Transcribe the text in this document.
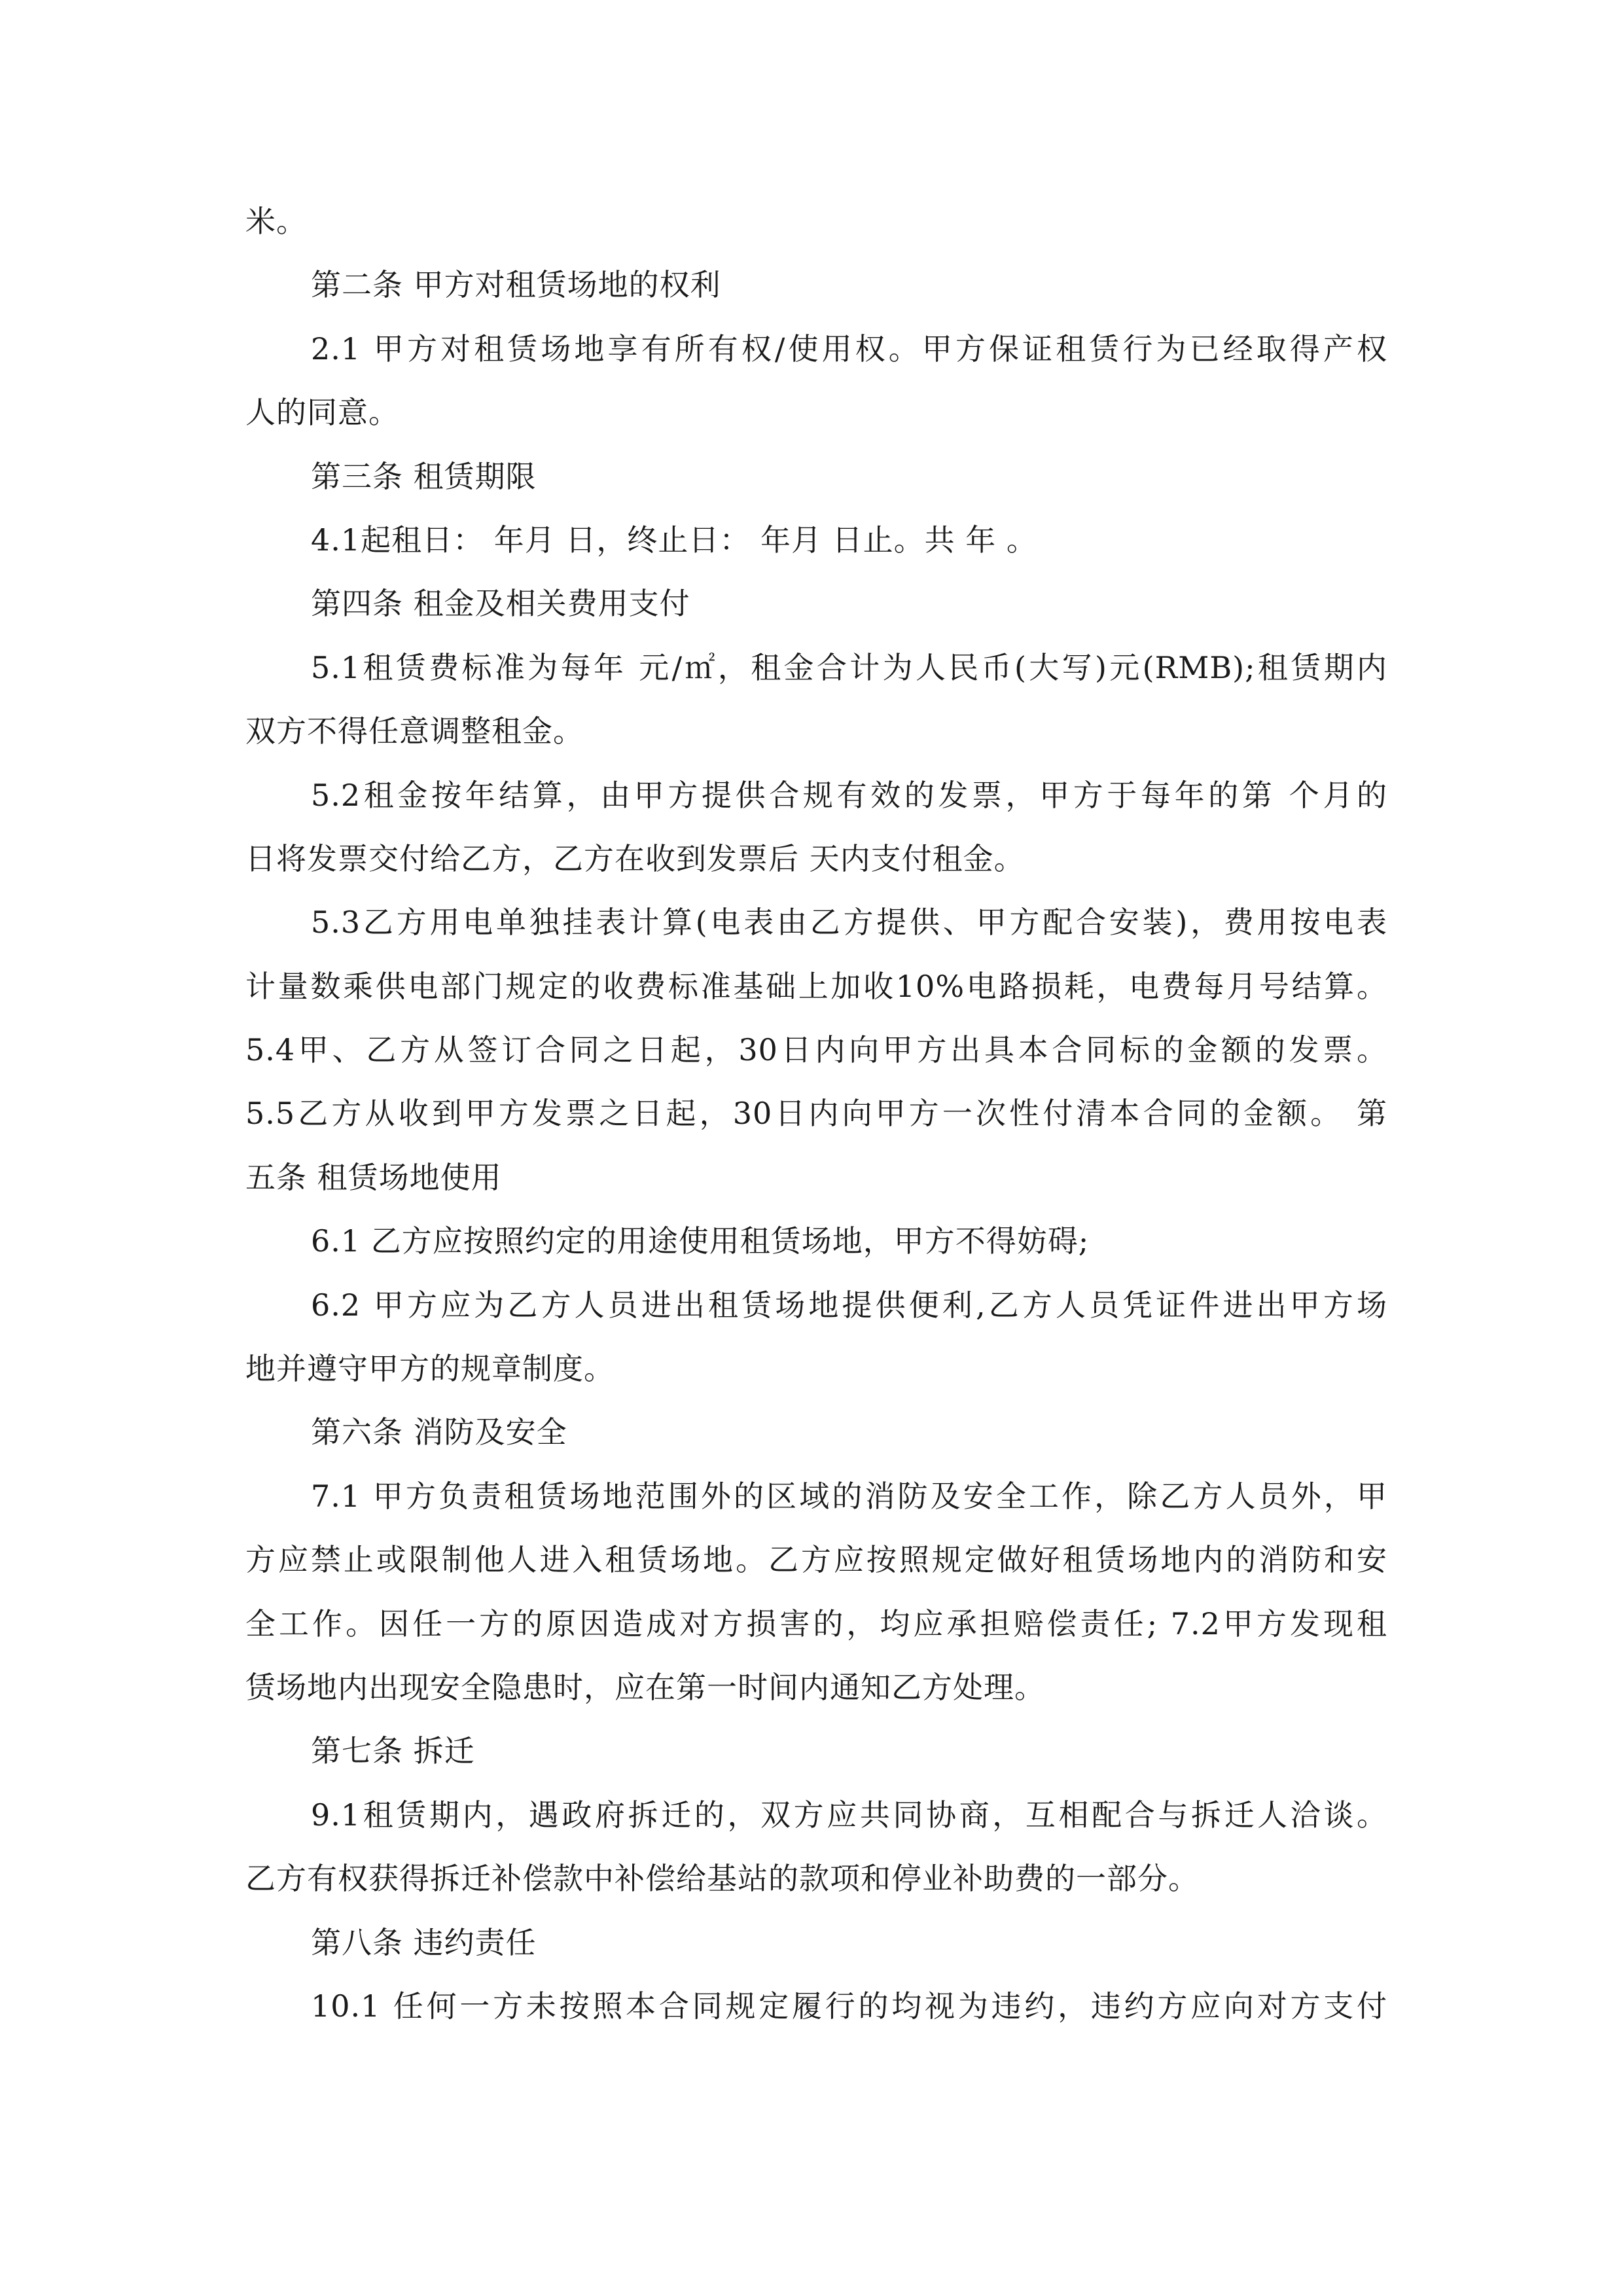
米。
第二条 甲方对租赁场地的权利
2.1 甲方对租赁场地享有所有权/使用权。甲方保证租赁行为已经取得产权
人的同意。
第三条 租赁期限
4.1起租日： 年月 日，终止日： 年月 日止。共 年 。
第四条 租金及相关费用支付
5.1租赁费标准为每年 元/㎡，租金合计为人民币(大写)元(RMB);租赁期内
双方不得任意调整租金。
5.2租金按年结算，由甲方提供合规有效的发票，甲方于每年的第 个月的
日将发票交付给乙方，乙方在收到发票后 天内支付租金。
5.3乙方用电单独挂表计算(电表由乙方提供、甲方配合安装)，费用按电表
计量数乘供电部门规定的收费标准基础上加收10%电路损耗，电费每月号结算。
5.4甲、乙方从签订合同之日起，30日内向甲方出具本合同标的金额的发票。
5.5乙方从收到甲方发票之日起，30日内向甲方一次性付清本合同的金额。 第
五条 租赁场地使用
6.1 乙方应按照约定的用途使用租赁场地，甲方不得妨碍;
6.2 甲方应为乙方人员进出租赁场地提供便利,乙方人员凭证件进出甲方场
地并遵守甲方的规章制度。
第六条 消防及安全
7.1 甲方负责租赁场地范围外的区域的消防及安全工作，除乙方人员外，甲
方应禁止或限制他人进入租赁场地。乙方应按照规定做好租赁场地内的消防和安
全工作。因任一方的原因造成对方损害的，均应承担赔偿责任; 7.2甲方发现租
赁场地内出现安全隐患时，应在第一时间内通知乙方处理。
第七条 拆迁
9.1租赁期内，遇政府拆迁的，双方应共同协商，互相配合与拆迁人洽谈。
乙方有权获得拆迁补偿款中补偿给基站的款项和停业补助费的一部分。
第八条 违约责任
10.1 任何一方未按照本合同规定履行的均视为违约，违约方应向对方支付
